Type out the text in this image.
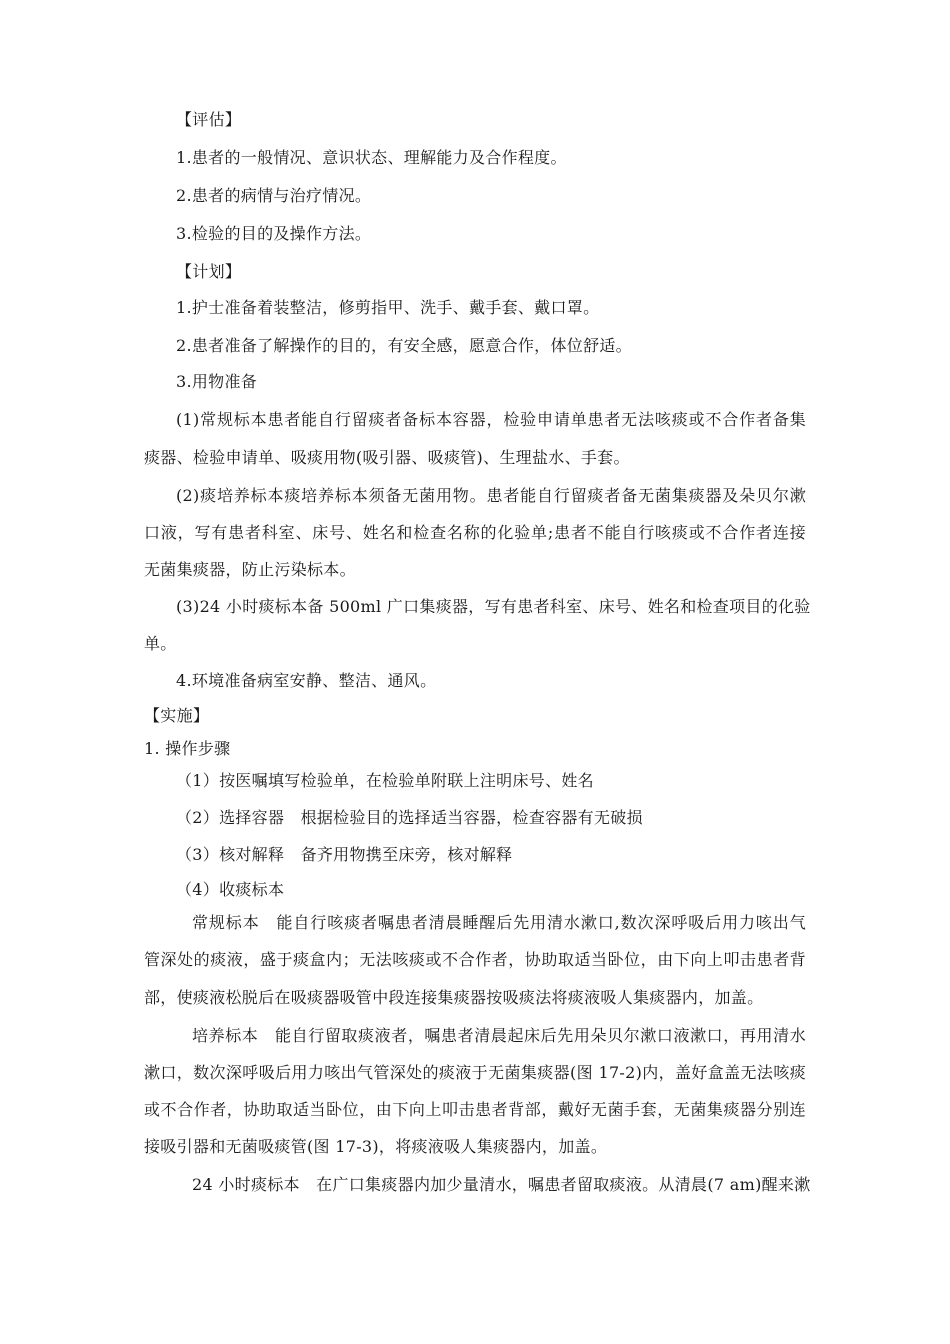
【评估】
1.患者的一般情况、意识状态、理解能力及合作程度。
2.患者的病情与治疗情况。
3.检验的目的及操作方法。
【计划】
1.护士准备着装整洁，修剪指甲、洗手、戴手套、戴口罩。
2.患者准备了解操作的目的，有安全感，愿意合作，体位舒适。
3.用物准备
(1)常规标本患者能自行留痰者备标本容器，检验申请单患者无法咳痰或不合作者备集
痰器、检验申请单、吸痰用物(吸引器、吸痰管)、生理盐水、手套。
(2)痰培养标本痰培养标本须备无菌用物。患者能自行留痰者备无菌集痰器及朵贝尔漱
口液，写有患者科室、床号、姓名和检查名称的化验单;患者不能自行咳痰或不合作者连接
无菌集痰器，防止污染标本。
(3)24 小时痰标本备 500ml 广口集痰器，写有患者科室、床号、姓名和检查项目的化验
单。
4.环境准备病室安静、整洁、通风。
【实施】
1. 操作步骤
（1）按医嘱填写检验单，在检验单附联上注明床号、姓名
（2）选择容器　根据检验目的选择适当容器，检查容器有无破损
（3）核对解释　备齐用物携至床旁，核对解释
（4）收痰标本
常规标本　能自行咳痰者嘱患者清晨睡醒后先用清水漱口,数次深呼吸后用力咳出气
管深处的痰液，盛于痰盒内；无法咳痰或不合作者，协助取适当卧位，由下向上叩击患者背
部，使痰液松脱后在吸痰器吸管中段连接集痰器按吸痰法将痰液吸人集痰器内，加盖。
培养标本　能自行留取痰液者，嘱患者清晨起床后先用朵贝尔漱口液漱口，再用清水
漱口，数次深呼吸后用力咳出气管深处的痰液于无菌集痰器(图 17-2)内，盖好盒盖无法咳痰
或不合作者，协助取适当卧位，由下向上叩击患者背部，戴好无菌手套，无菌集痰器分别连
接吸引器和无菌吸痰管(图 17-3)，将痰液吸人集痰器内，加盖。
24 小时痰标本　在广口集痰器内加少量清水，嘱患者留取痰液。从清晨(7 am)醒来漱
